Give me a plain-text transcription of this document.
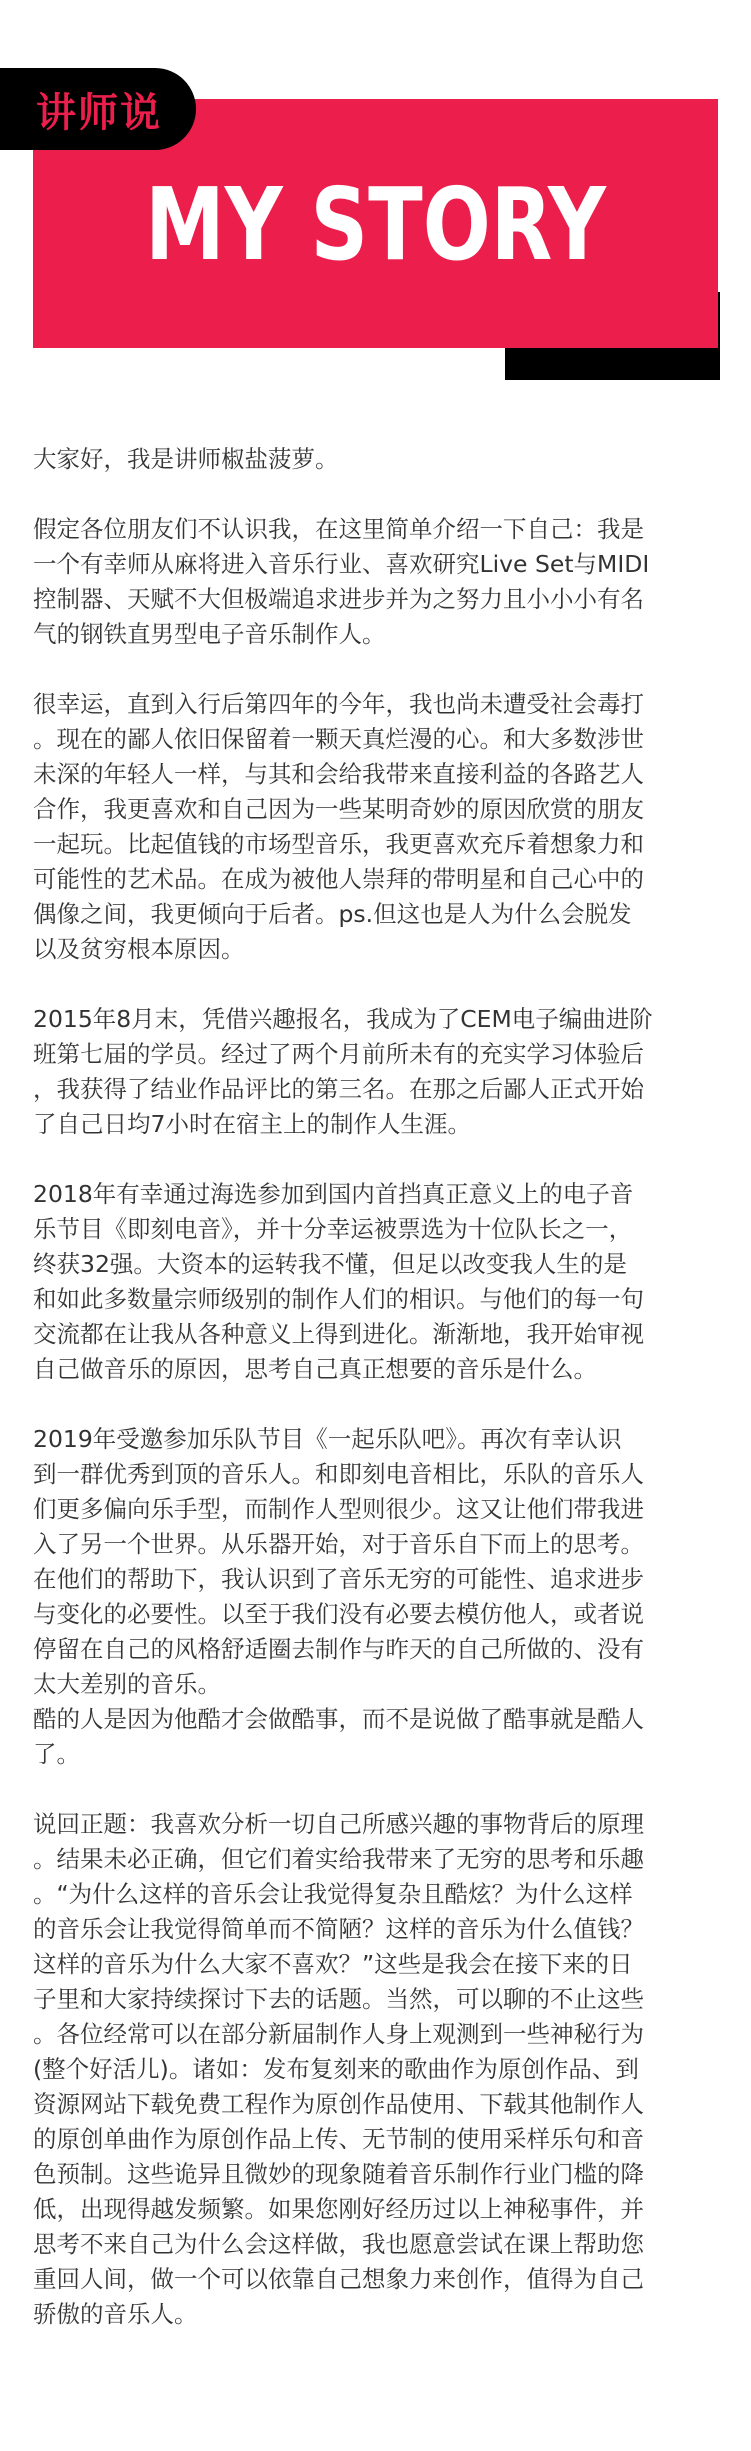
讲师说
MY STORY

大家好，我是讲师椒盐菠萝。

假定各位朋友们不认识我，在这里简单介绍一下自己：我是
一个有幸师从麻将进入音乐行业、喜欢研究Live Set与MIDI
控制器、天赋不大但极端追求进步并为之努力且小小小有名
气的钢铁直男型电子音乐制作人。

很幸运，直到入行后第四年的今年，我也尚未遭受社会毒打
。现在的鄙人依旧保留着一颗天真烂漫的心。和大多数涉世
未深的年轻人一样，与其和会给我带来直接利益的各路艺人
合作，我更喜欢和自己因为一些某明奇妙的原因欣赏的朋友
一起玩。比起值钱的市场型音乐，我更喜欢充斥着想象力和
可能性的艺术品。在成为被他人崇拜的带明星和自己心中的
偶像之间，我更倾向于后者。ps.但这也是人为什么会脱发
以及贫穷根本原因。

2015年8月末，凭借兴趣报名，我成为了CEM电子编曲进阶
班第七届的学员。经过了两个月前所未有的充实学习体验后
，我获得了结业作品评比的第三名。在那之后鄙人正式开始
了自己日均7小时在宿主上的制作人生涯。

2018年有幸通过海选参加到国内首挡真正意义上的电子音
乐节目《即刻电音》，并十分幸运被票选为十位队长之一，
终获32强。大资本的运转我不懂，但足以改变我人生的是
和如此多数量宗师级别的制作人们的相识。与他们的每一句
交流都在让我从各种意义上得到进化。渐渐地，我开始审视
自己做音乐的原因，思考自己真正想要的音乐是什么。

2019年受邀参加乐队节目《一起乐队吧》。再次有幸认识
到一群优秀到顶的音乐人。和即刻电音相比，乐队的音乐人
们更多偏向乐手型，而制作人型则很少。这又让他们带我进
入了另一个世界。从乐器开始，对于音乐自下而上的思考。
在他们的帮助下，我认识到了音乐无穷的可能性、追求进步
与变化的必要性。以至于我们没有必要去模仿他人，或者说
停留在自己的风格舒适圈去制作与昨天的自己所做的、没有
太大差别的音乐。
酷的人是因为他酷才会做酷事，而不是说做了酷事就是酷人
了。

说回正题：我喜欢分析一切自己所感兴趣的事物背后的原理
。结果未必正确，但它们着实给我带来了无穷的思考和乐趣
。“为什么这样的音乐会让我觉得复杂且酷炫？为什么这样
的音乐会让我觉得简单而不简陋？这样的音乐为什么值钱？
这样的音乐为什么大家不喜欢？”这些是我会在接下来的日
子里和大家持续探讨下去的话题。当然，可以聊的不止这些
。各位经常可以在部分新届制作人身上观测到一些神秘行为
(整个好活儿)。诸如：发布复刻来的歌曲作为原创作品、到
资源网站下载免费工程作为原创作品使用、下载其他制作人
的原创单曲作为原创作品上传、无节制的使用采样乐句和音
色预制。这些诡异且微妙的现象随着音乐制作行业门槛的降
低，出现得越发频繁。如果您刚好经历过以上神秘事件，并
思考不来自己为什么会这样做，我也愿意尝试在课上帮助您
重回人间，做一个可以依靠自己想象力来创作，值得为自己
骄傲的音乐人。
